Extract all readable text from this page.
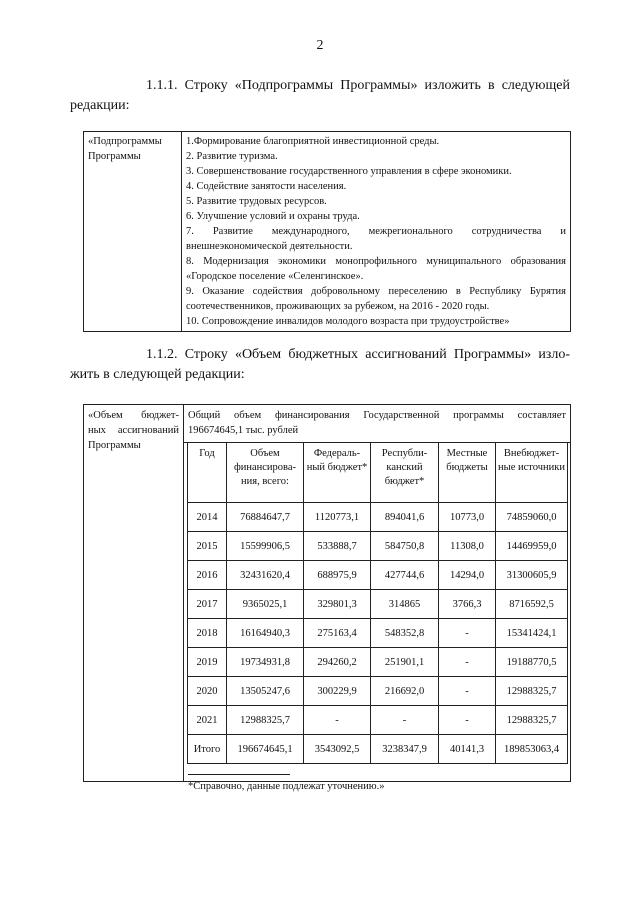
2
1.1.1. Строку «Подпрограммы Программы» изложить в следующей
редакции:
«Подпрограммы Программы	
1.Формирование благоприятной инвестиционной среды.
2. Развитие туризма.
3. Совершенствование государственного управления в сфере экономики.
4. Содействие занятости населения.
5. Развитие трудовых ресурсов.
6. Улучшение условий и охраны труда.
7. Развитие международного, межрегионального сотрудничества и внешнеэкономической деятельности.
8. Модернизация экономики монопрофильного муниципального образования «Городское поселение «Селенгинское».
9. Оказание содействия добровольному переселению в Республику Бурятия соотечественников, проживающих за рубежом, на 2016 - 2020 годы.
10. Сопровождение инвалидов молодого возраста при трудоустройстве»
1.1.2. Строку «Объем бюджетных ассигнований Программы» изло-
жить в следующей редакции:
«Объем бюджет-
ных ассигнований
Программы
Общий объем финансирования Государственной программы составляет
196674645,1 тыс. рублей
Год	Объем финансирова-ния, всего:	Федераль-ный бюджет*	Республи-канский бюджет*	Местные бюджеты	Внебюджет-ные источники
2014	76884647,7	1120773,1	894041,6	10773,0	74859060,0
2015	15599906,5	533888,7	584750,8	11308,0	14469959,0
2016	32431620,4	688975,9	427744,6	14294,0	31300605,9
2017	9365025,1	329801,3	314865	3766,3	8716592,5
2018	16164940,3	275163,4	548352,8	-	15341424,1
2019	19734931,8	294260,2	251901,1	-	19188770,5
2020	13505247,6	300229,9	216692,0	-	12988325,7
2021	12988325,7	-	-	-	12988325,7
Итого	196674645,1	3543092,5	3238347,9	40141,3	189853063,4
*Справочно, данные подлежат уточнению.»
